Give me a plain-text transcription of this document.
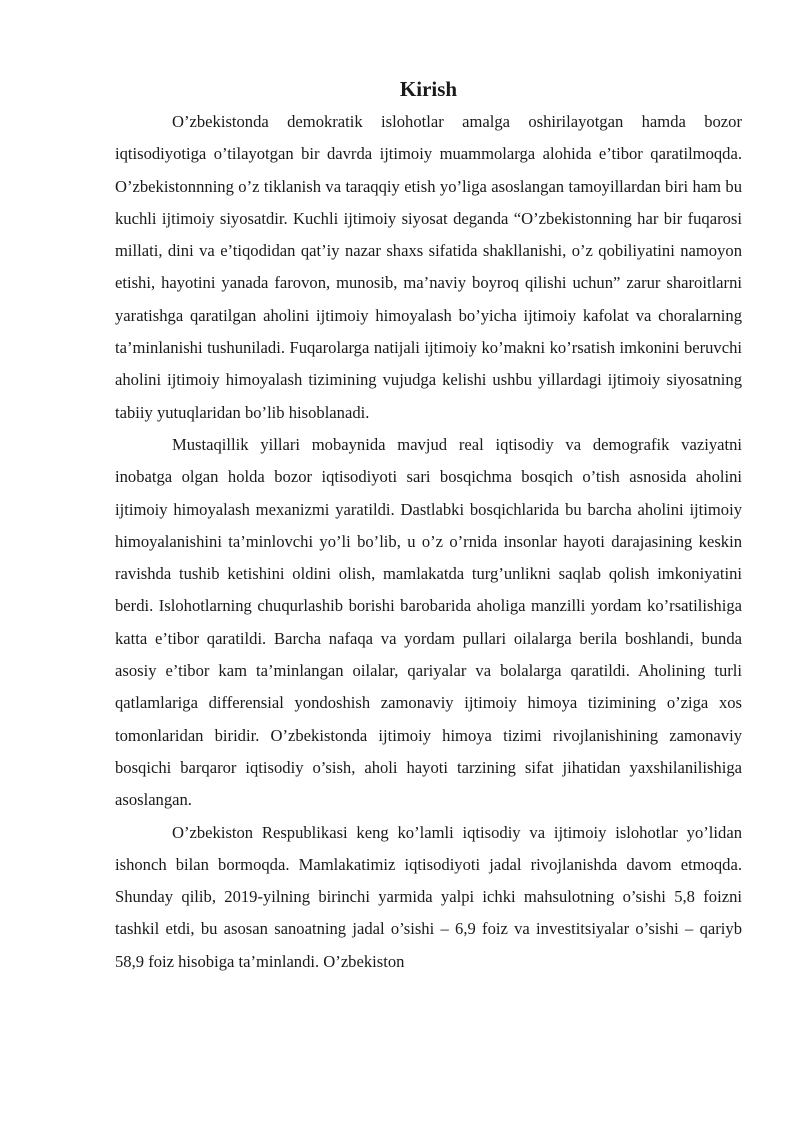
Kirish

O’zbekistonda demokratik islohotlar amalga oshirilayotgan hamda bozor iqtisodiyotiga o’tilayotgan bir davrda ijtimoiy muammolarga alohida e’tibor qaratilmoqda. O’zbekistonnning o’z tiklanish va taraqqiy etish yo’liga asoslangan tamoyillardan biri ham bu kuchli ijtimoiy siyosatdir. Kuchli ijtimoiy siyosat deganda “O’zbekistonning har bir fuqarosi millati, dini va e’tiqodidan qat’iy nazar shaxs sifatida shakllanishi, o’z qobiliyatini namoyon etishi, hayotini yanada farovon, munosib, ma’naviy boyroq qilishi uchun” zarur sharoitlarni yaratishga qaratilgan aholini ijtimoiy himoyalash bo’yicha ijtimoiy kafolat va choralarning ta’minlanishi tushuniladi. Fuqarolarga natijali ijtimoiy ko’makni ko’rsatish imkonini beruvchi aholini ijtimoiy himoyalash tizimining vujudga kelishi ushbu yillardagi ijtimoiy siyosatning tabiiy yutuqlaridan bo’lib hisoblanadi.

Mustaqillik yillari mobaynida mavjud real iqtisodiy va demografik vaziyatni inobatga olgan holda bozor iqtisodiyoti sari bosqichma bosqich o’tish asnosida aholini ijtimoiy himoyalash mexanizmi yaratildi. Dastlabki bosqichlarida bu barcha aholini ijtimoiy himoyalanishini ta’minlovchi yo’li bo’lib, u o’z o’rnida insonlar hayoti darajasining keskin ravishda tushib ketishini oldini olish, mamlakatda turg’unlikni saqlab qolish imkoniyatini berdi. Islohotlarning chuqurlashib borishi barobarida aholiga manzilli yordam ko’rsatilishiga katta e’tibor qaratildi. Barcha nafaqa va yordam pullari oilalarga berila boshlandi, bunda asosiy e’tibor kam ta’minlangan oilalar, qariyalar va bolalarga qaratildi. Aholining turli qatlamlariga differensial yondoshish zamonaviy ijtimoiy himoya tizimining o’ziga xos tomonlaridan biridir. O’zbekistonda ijtimoiy himoya tizimi rivojlanishining zamonaviy bosqichi barqaror iqtisodiy o’sish, aholi hayoti tarzining sifat jihatidan yaxshilanilishiga asoslangan.

O’zbekiston Respublikasi keng ko’lamli iqtisodiy va ijtimoiy islohotlar yo’lidan ishonch bilan bormoqda. Mamlakatimiz iqtisodiyoti jadal rivojlanishda davom etmoqda. Shunday qilib, 2019-yilning birinchi yarmida yalpi ichki mahsulotning o’sishi 5,8 foizni tashkil etdi, bu asosan sanoatning jadal o’sishi – 6,9 foiz va investitsiyalar o’sishi – qariyb 58,9 foiz hisobiga ta’minlandi. O’zbekiston
